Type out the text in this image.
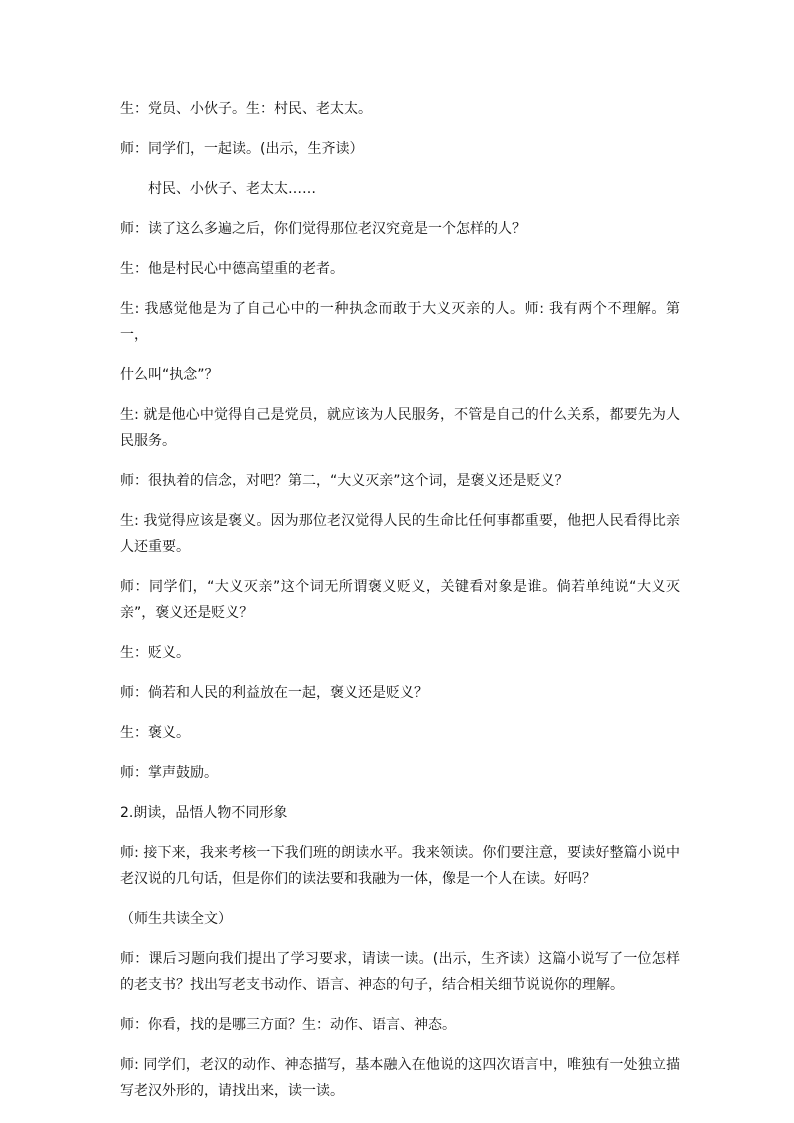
生：党员、小伙子。生：村民、老太太。

师：同学们，一起读。(出示，生齐读）

村民、小伙子、老太太……

师：读了这么多遍之后，你们觉得那位老汉究竟是一个怎样的人？

生：他是村民心中德高望重的老者。

生: 我感觉他是为了自己心中的一种执念而敢于大义灭亲的人。师: 我有两个不理解。第一，

什么叫“执念”？

生: 就是他心中觉得自己是党员，就应该为人民服务，不管是自己的什么关系，都要先为人民服务。

师：很执着的信念，对吧？第二，“大义灭亲”这个词，是褒义还是贬义？

生: 我觉得应该是褒义。因为那位老汉觉得人民的生命比任何事都重要，他把人民看得比亲人还重要。

师：同学们，“大义灭亲”这个词无所谓褒义贬义，关键看对象是谁。倘若单纯说“大义灭亲”，褒义还是贬义？

生：贬义。

师：倘若和人民的利益放在一起，褒义还是贬义？

生：褒义。

师：掌声鼓励。

2.朗读，品悟人物不同形象

师: 接下来，我来考核一下我们班的朗读水平。我来领读。你们要注意，要读好整篇小说中老汉说的几句话，但是你们的读法要和我融为一体，像是一个人在读。好吗？

（师生共读全文）

师：课后习题向我们提出了学习要求，请读一读。(出示，生齐读）这篇小说写了一位怎样的老支书？找出写老支书动作、语言、神态的句子，结合相关细节说说你的理解。

师：你看，找的是哪三方面？生：动作、语言、神态。

师: 同学们，老汉的动作、神态描写，基本融入在他说的这四次语言中，唯独有一处独立描写老汉外形的，请找出来，读一读。
